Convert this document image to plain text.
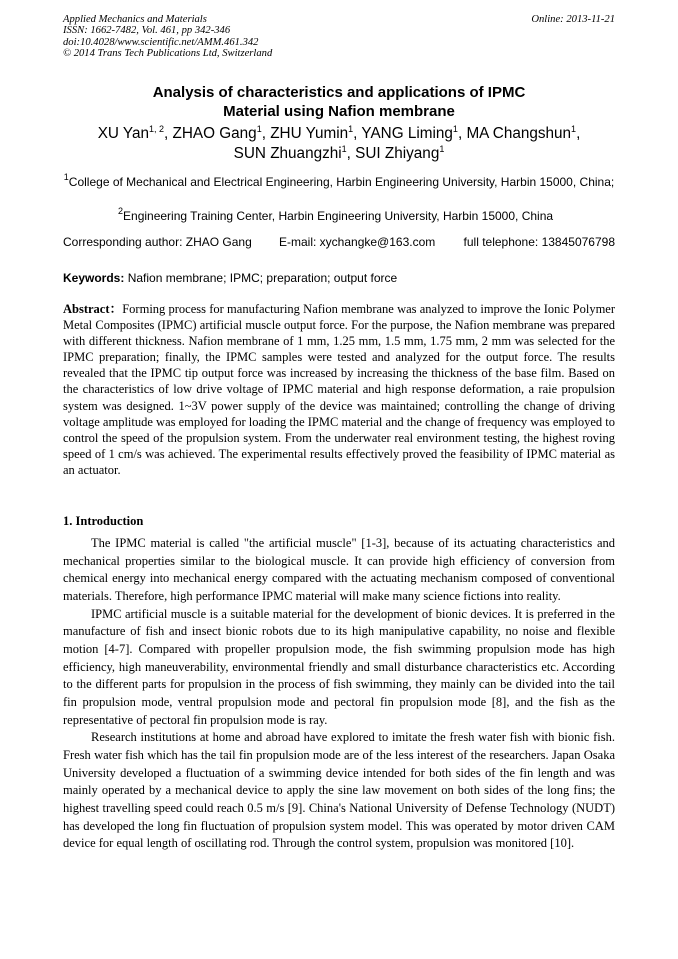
Applied Mechanics and Materials
ISSN: 1662-7482, Vol. 461, pp 342-346
doi:10.4028/www.scientific.net/AMM.461.342
© 2014 Trans Tech Publications Ltd, Switzerland
Online: 2013-11-21
Analysis of characteristics and applications of IPMC
Material using Nafion membrane
XU Yan$^{1, 2}$, ZHAO Gang$^1$, ZHU Yumin$^1$, YANG Liming$^1$, MA Changshun$^1$,
SUN Zhuangzhi$^1$, SUI Zhiyang$^1$
$^1$College of Mechanical and Electrical Engineering, Harbin Engineering University, Harbin 15000, China;
$^2$Engineering Training Center, Harbin Engineering University, Harbin 15000, China
Corresponding author: ZHAO Gang E-mail: xychangke@163.com full telephone: 13845076798
Keywords: Nafion membrane; IPMC; preparation; output force
Abstract：Forming process for manufacturing Nafion membrane was analyzed to improve the Ionic Polymer Metal Composites (IPMC) artificial muscle output force. For the purpose, the Nafion membrane was prepared with different thickness. Nafion membrane of 1 mm, 1.25 mm, 1.5 mm, 1.75 mm, 2 mm was selected for the IPMC preparation; finally, the IPMC samples were tested and analyzed for the output force. The results revealed that the IPMC tip output force was increased by increasing the thickness of the base film. Based on the characteristics of low drive voltage of IPMC material and high response deformation, a raie propulsion system was designed. 1~3V power supply of the device was maintained; controlling the change of driving voltage amplitude was employed for loading the IPMC material and the change of frequency was employed to control the speed of the propulsion system. From the underwater real environment testing, the highest roving speed of 1 cm/s was achieved. The experimental results effectively proved the feasibility of IPMC material as an actuator.
1. Introduction

The IPMC material is called "the artificial muscle" [1-3], because of its actuating characteristics and mechanical properties similar to the biological muscle. It can provide high efficiency of conversion from chemical energy into mechanical energy compared with the actuating mechanism composed of conventional materials. Therefore, high performance IPMC material will make many science fictions into reality.

IPMC artificial muscle is a suitable material for the development of bionic devices. It is preferred in the manufacture of fish and insect bionic robots due to its high manipulative capability, no noise and flexible motion [4-7]. Compared with propeller propulsion mode, the fish swimming propulsion mode has high efficiency, high maneuverability, environmental friendly and small disturbance characteristics etc. According to the different parts for propulsion in the process of fish swimming, they mainly can be divided into the tail fin propulsion mode, ventral propulsion mode and pectoral fin propulsion mode [8], and the fish as the representative of pectoral fin propulsion mode is ray.

Research institutions at home and abroad have explored to imitate the fresh water fish with bionic fish. Fresh water fish which has the tail fin propulsion mode are of the less interest of the researchers. Japan Osaka University developed a fluctuation of a swimming device intended for both sides of the fin length and was mainly operated by a mechanical device to apply the sine law movement on both sides of the long fins; the highest travelling speed could reach 0.5 m/s [9]. China's National University of Defense Technology (NUDT) has developed the long fin fluctuation of propulsion system model. This was operated by motor driven CAM device for equal length of oscillating rod. Through the control system, propulsion was monitored [10].
